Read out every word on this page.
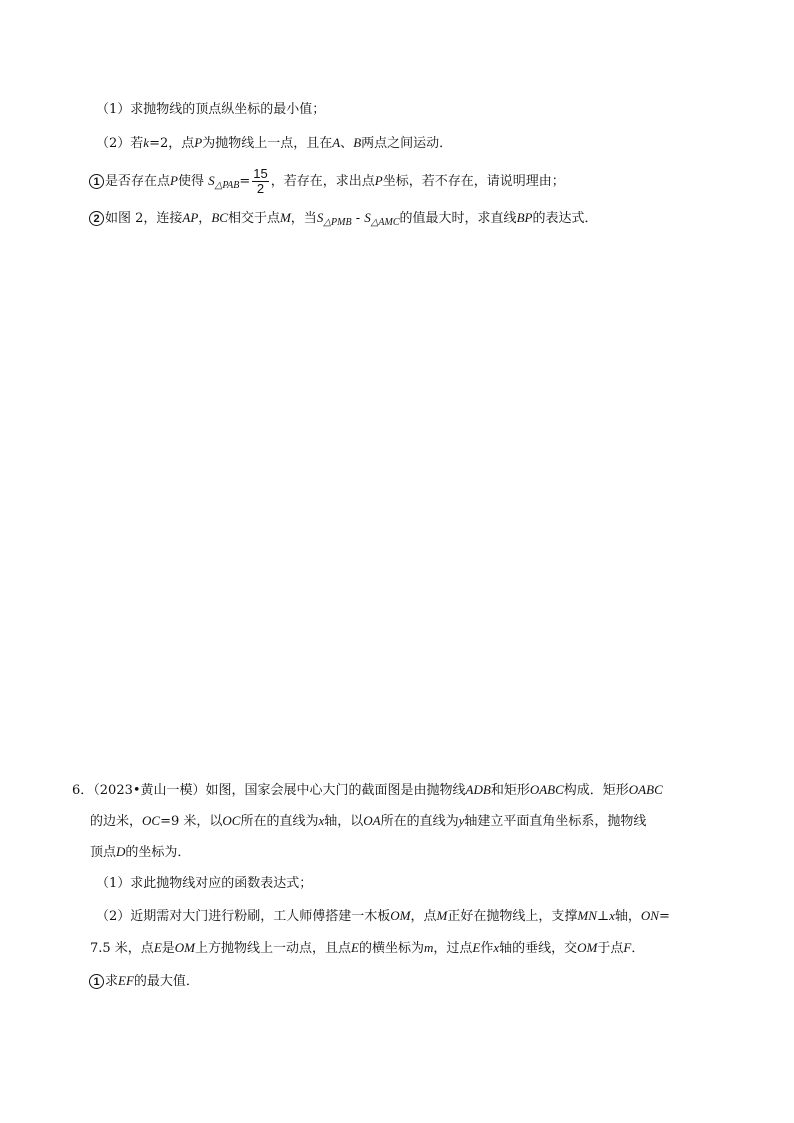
（1）求抛物线的顶点纵坐标的最小值；
（2）若k=2，点P为抛物线上一点，且在A、B两点之间运动．
1 是否存在点P使得 $S_{\triangle PAB}= \frac{15}{2}$ ，若存在，求出点P坐标，若不存在，请说明理由；
2 如图 2，连接AP，BC相交于点M，当$S_{\triangle PMB} - S_{\triangle AMC}$的值最大时，求直线BP的表达式．
6．（2023•黄山一模）如图，国家会展中心大门的截面图是由抛物线ADB和矩形OABC构成．矩形OABC
的边米，OC=9 米，以OC所在的直线为x轴，以OA所在的直线为y轴建立平面直角坐标系，抛物线
顶点D的坐标为．
（1）求此抛物线对应的函数表达式；
（2）近期需对大门进行粉刷，工人师傅搭建一木板OM，点M正好在抛物线上，支撑MN⊥x轴，ON=
7.5 米，点E是OM上方抛物线上一动点，且点E的横坐标为m，过点E作x轴的垂线，交OM于点F．
1 求EF的最大值．
